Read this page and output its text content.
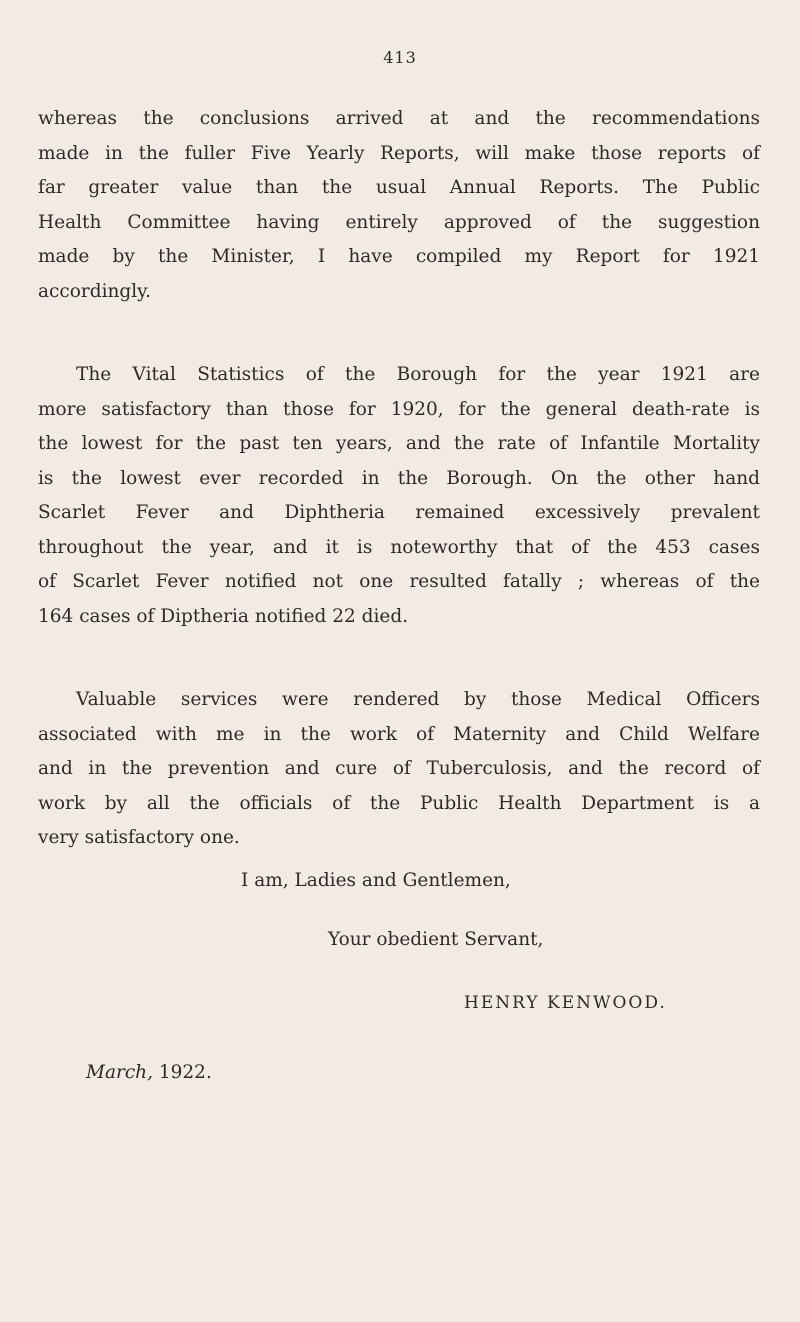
413
whereas the conclusions arrived at and the recommendations
made in the fuller Five Yearly Reports, will make those reports of
far greater value than the usual Annual Reports. The Public
Health Committee having entirely approved of the suggestion
made by the Minister, I have compiled my Report for 1921
accordingly.
The Vital Statistics of the Borough for the year 1921 are
more satisfactory than those for 1920, for the general death-rate is
the lowest for the past ten years, and the rate of Infantile Mortality
is the lowest ever recorded in the Borough. On the other hand
Scarlet Fever and Diphtheria remained excessively prevalent
throughout the year, and it is noteworthy that of the 453 cases
of Scarlet Fever notified not one resulted fatally ; whereas of the
164 cases of Diptheria notified 22 died.
Valuable services were rendered by those Medical Officers
associated with me in the work of Maternity and Child Welfare
and in the prevention and cure of Tuberculosis, and the record of
work by all the officials of the Public Health Department is a
very satisfactory one.
I am, Ladies and Gentlemen,
Your obedient Servant,
HENRY KENWOOD.
March, 1922.
